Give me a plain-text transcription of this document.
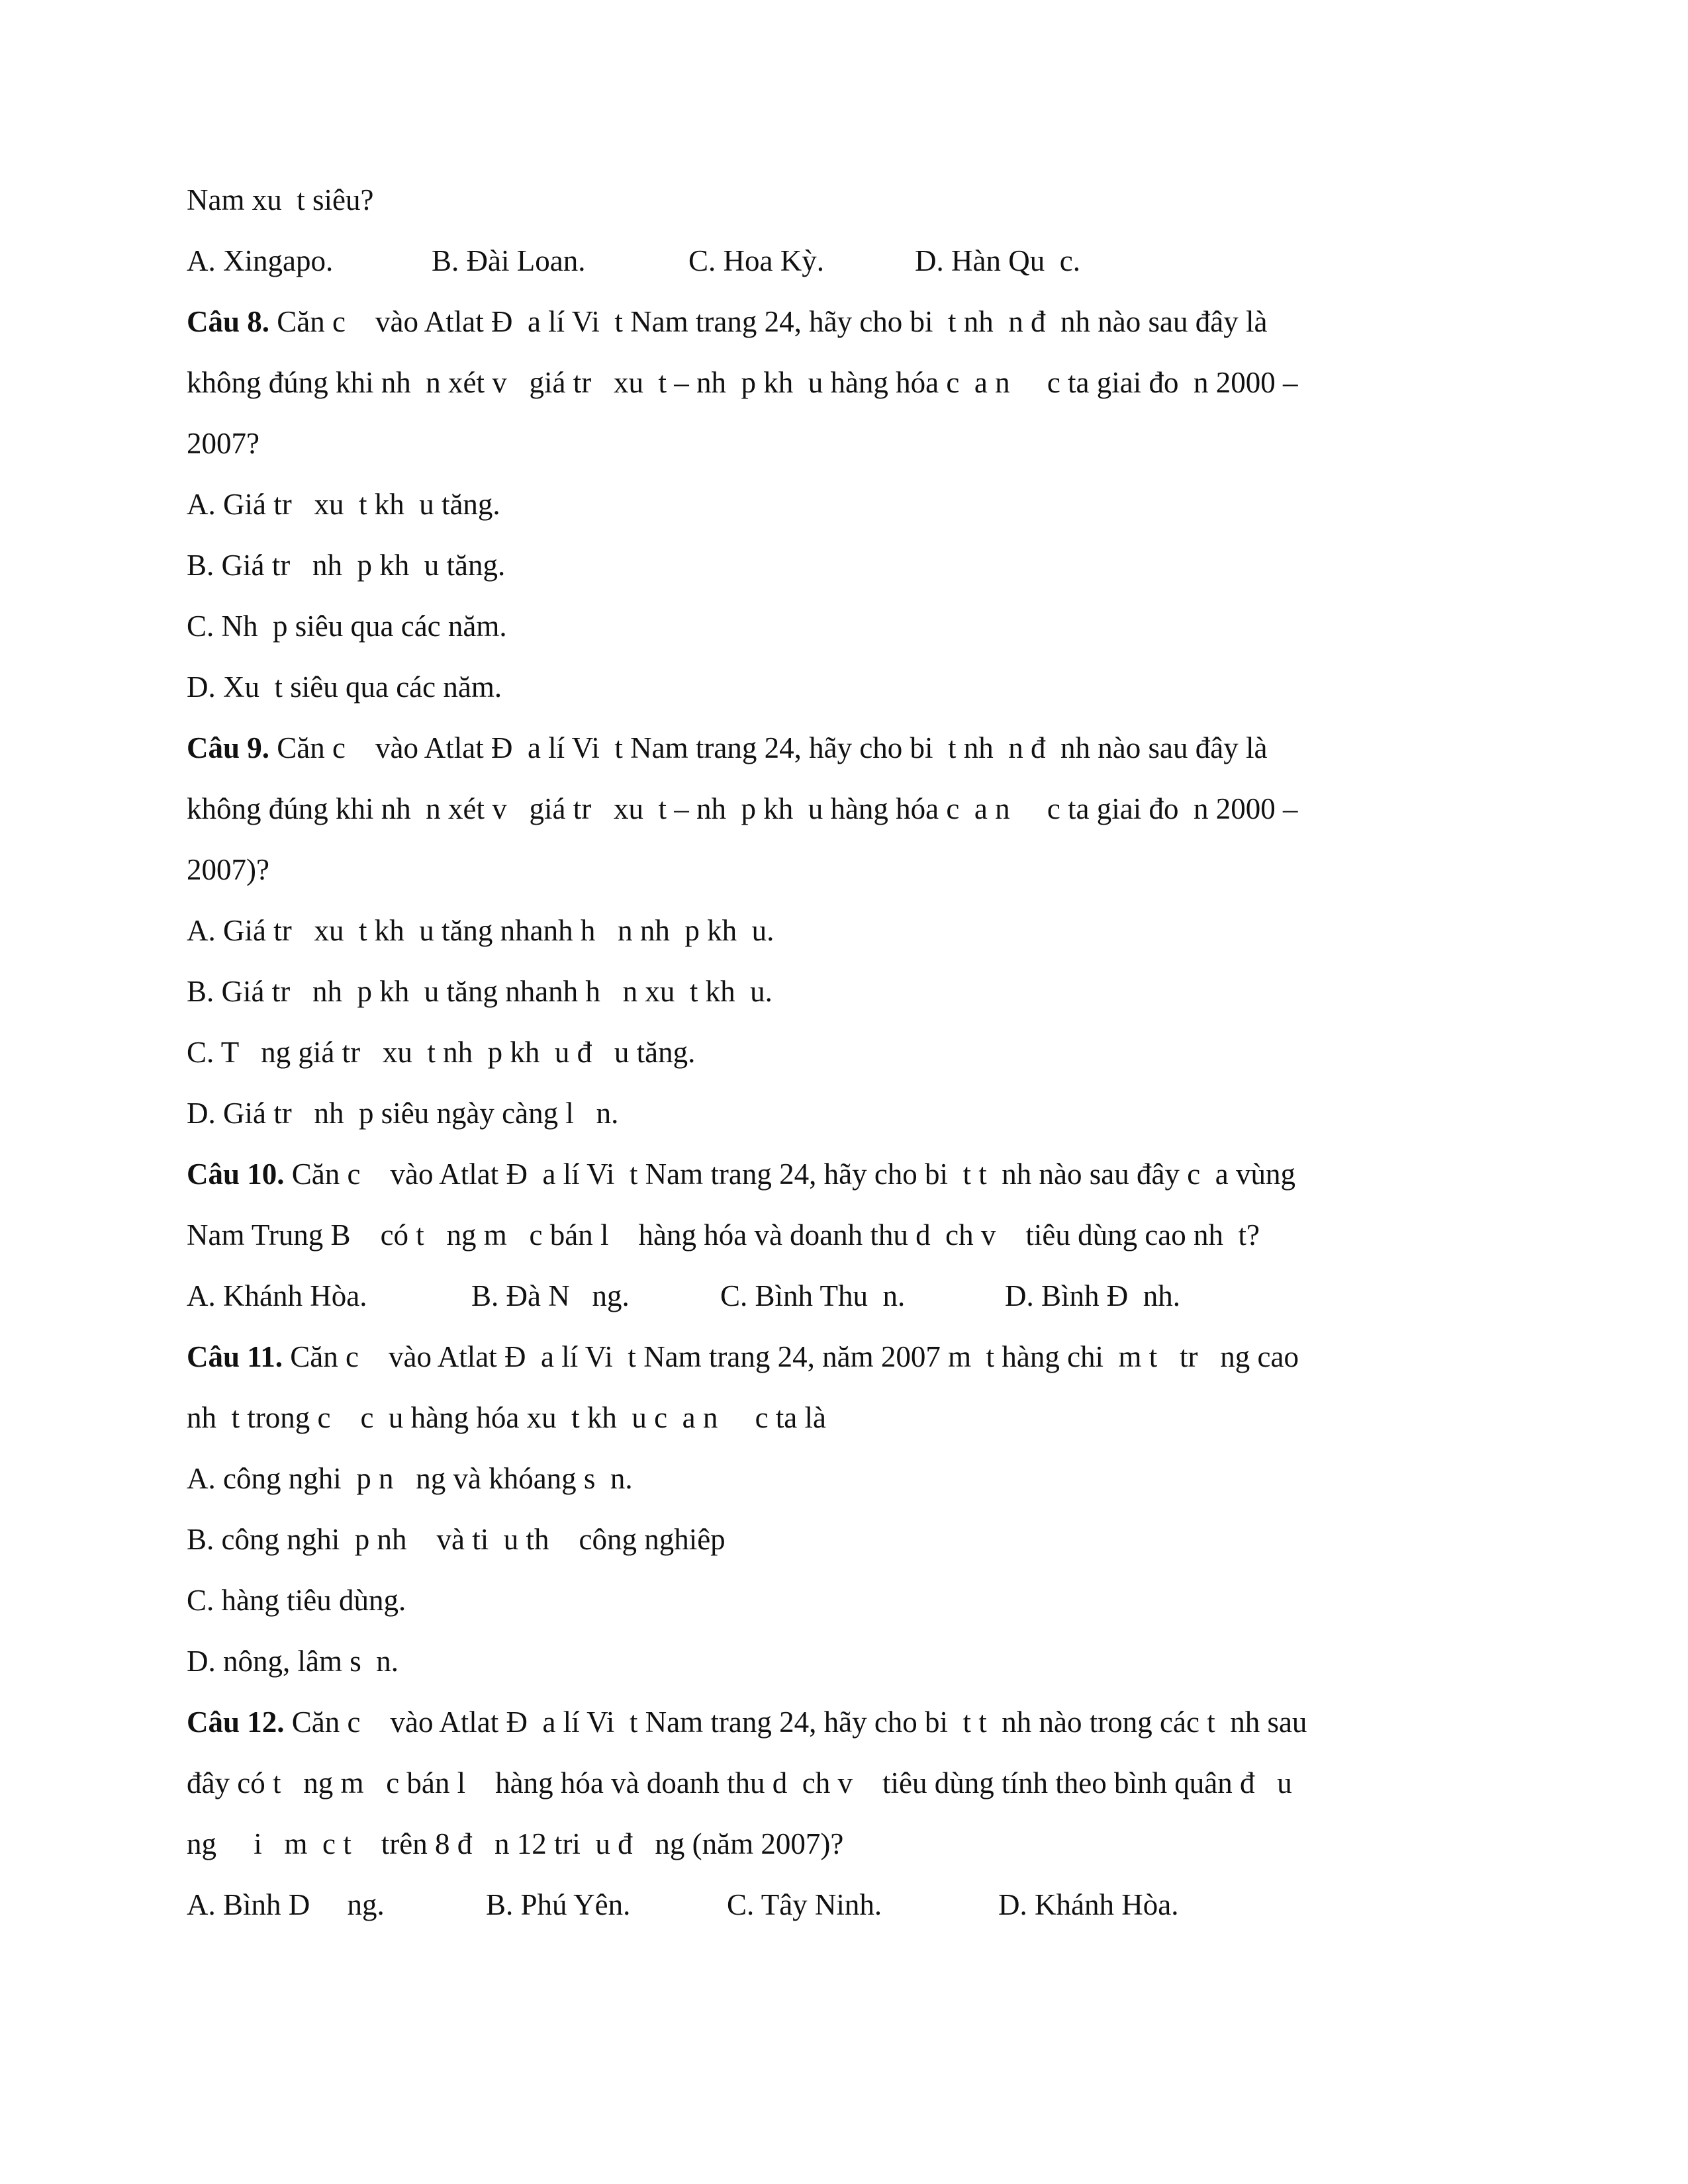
Nam xu  t siêu?

A. Xingapo.

	B. Đài Loan.

	C. Hoa Kỳ.

	D. Hàn Qu  c.

Câu 8. Căn c    vào Atlat Đ  a lí Vi  t Nam trang 24, hãy cho bi  t nh  n đ  nh nào sau đây là
không đúng khi nh  n xét v   giá tr   xu  t – nh  p kh  u hàng hóa c  a n     c ta giai đo  n 2000 –
2007?
A. Giá tr   xu  t kh  u tăng.
B. Giá tr   nh  p kh  u tăng.
C. Nh  p siêu qua các năm.
D. Xu  t siêu qua các năm.
Câu 9. Căn c    vào Atlat Đ  a lí Vi  t Nam trang 24, hãy cho bi  t nh  n đ  nh nào sau đây là
không đúng khi nh  n xét v   giá tr   xu  t – nh  p kh  u hàng hóa c  a n     c ta giai đo  n 2000 –
2007)?
A. Giá tr   xu  t kh  u tăng nhanh h   n nh  p kh  u.
B. Giá tr   nh  p kh  u tăng nhanh h   n xu  t kh  u.
C. T   ng giá tr   xu  t nh  p kh  u đ   u tăng.
D. Giá tr   nh  p siêu ngày càng l   n.
Câu 10. Căn c    vào Atlat Đ  a lí Vi  t Nam trang 24, hãy cho bi  t t  nh nào sau đây c  a vùng
Nam Trung B    có t   ng m   c bán l    hàng hóa và doanh thu d  ch v    tiêu dùng cao nh  t?

A. Khánh Hòa.

	B. Đà N   ng.

	C. Bình Thu  n.

	D. Bình Đ  nh.

Câu 11. Căn c    vào Atlat Đ  a lí Vi  t Nam trang 24, năm 2007 m  t hàng chi  m t   tr   ng cao
nh  t trong c    c  u hàng hóa xu  t kh  u c  a n     c ta là
A. công nghi  p n   ng và khóang s  n.
B. công nghi  p nh    và ti  u th    công nghiêp
C. hàng tiêu dùng.
D. nông, lâm s  n.
Câu 12. Căn c    vào Atlat Đ  a lí Vi  t Nam trang 24, hãy cho bi  t t  nh nào trong các t  nh sau
đây có t   ng m   c bán l    hàng hóa và doanh thu d  ch v    tiêu dùng tính theo bình quân đ   u
ng     i   m  c t    trên 8 đ   n 12 tri  u đ   ng (năm 2007)?

A. Bình D     ng.

	B. Phú Yên.

	C. Tây Ninh.

	D. Khánh Hòa.
